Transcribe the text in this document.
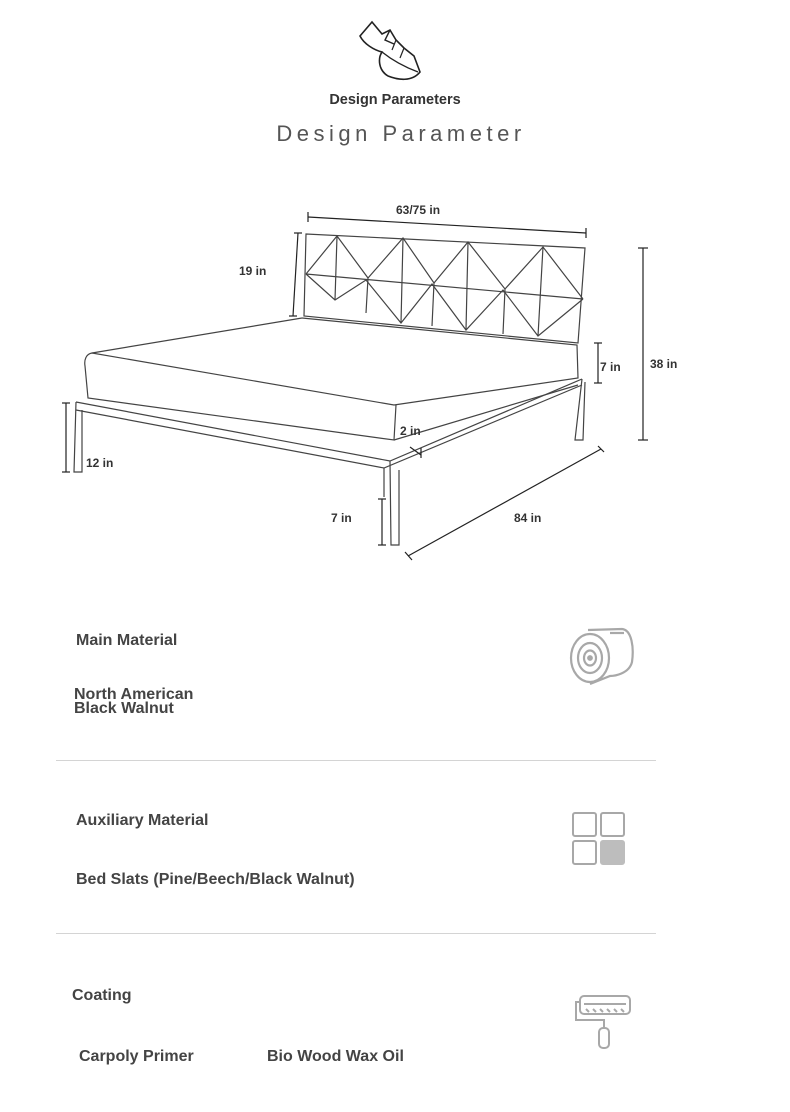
Design Parameters
Design Parameter
63/75 in
19 in
38 in
7 in
2 in
12 in
7 in	84 in
Main Material
North American
Black Walnut
Auxiliary Material
Bed Slats (Pine/Beech/Black Walnut)
Coating
Carpoly Primer	Bio Wood Wax Oil
